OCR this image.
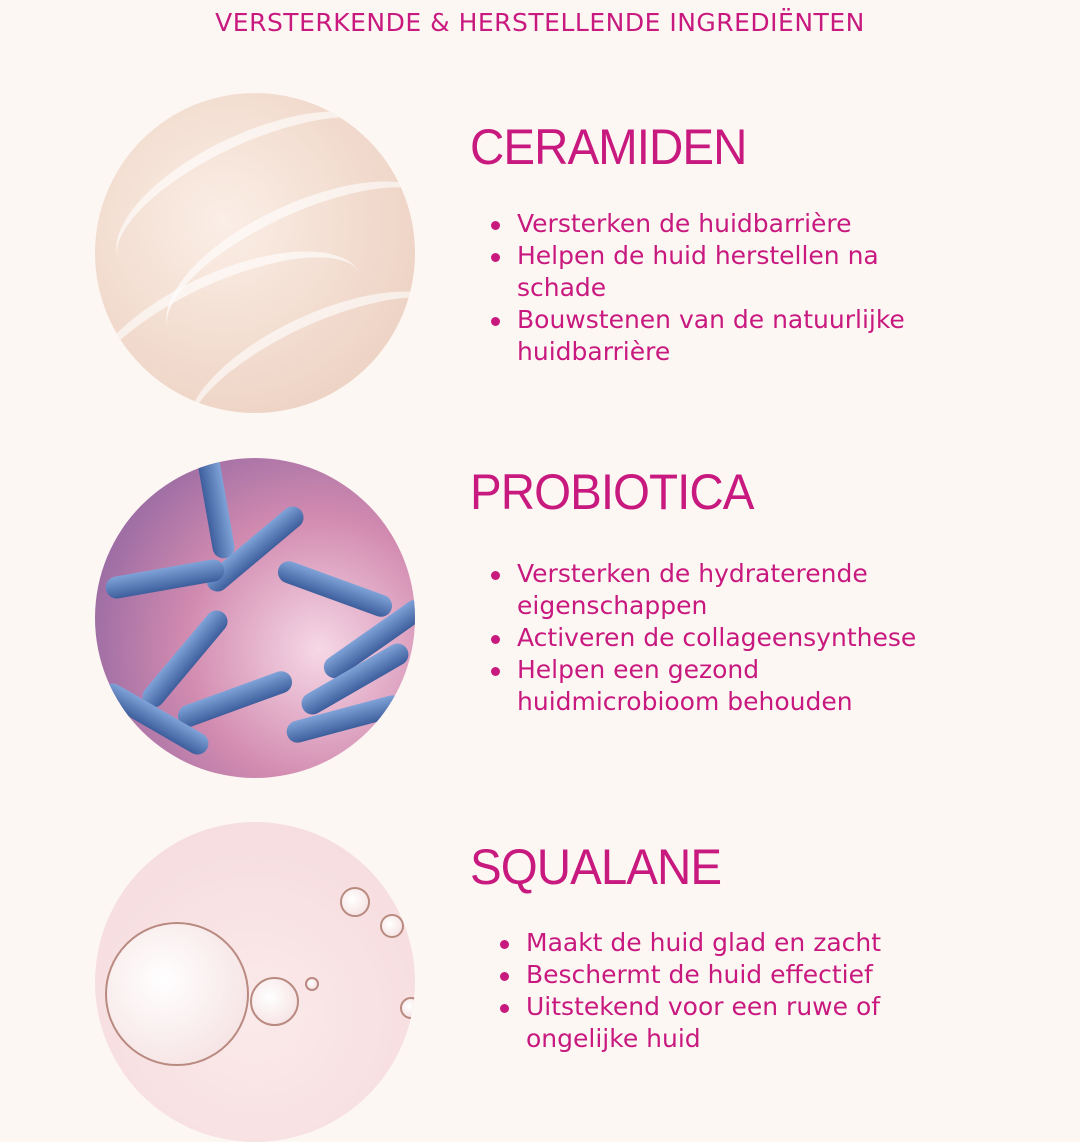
VERSTERKENDE & HERSTELLENDE INGREDIËNTEN
CERAMIDEN
Versterken de huidbarrière
Helpen de huid herstellen na schade
Bouwstenen van de natuurlijke huidbarrière
PROBIOTICA
Versterken de hydraterende eigenschappen
Activeren de collageensynthese
Helpen een gezond huidmicrobioom behouden
SQUALANE
Maakt de huid glad en zacht
Beschermt de huid effectief
Uitstekend voor een ruwe of ongelijke huid
